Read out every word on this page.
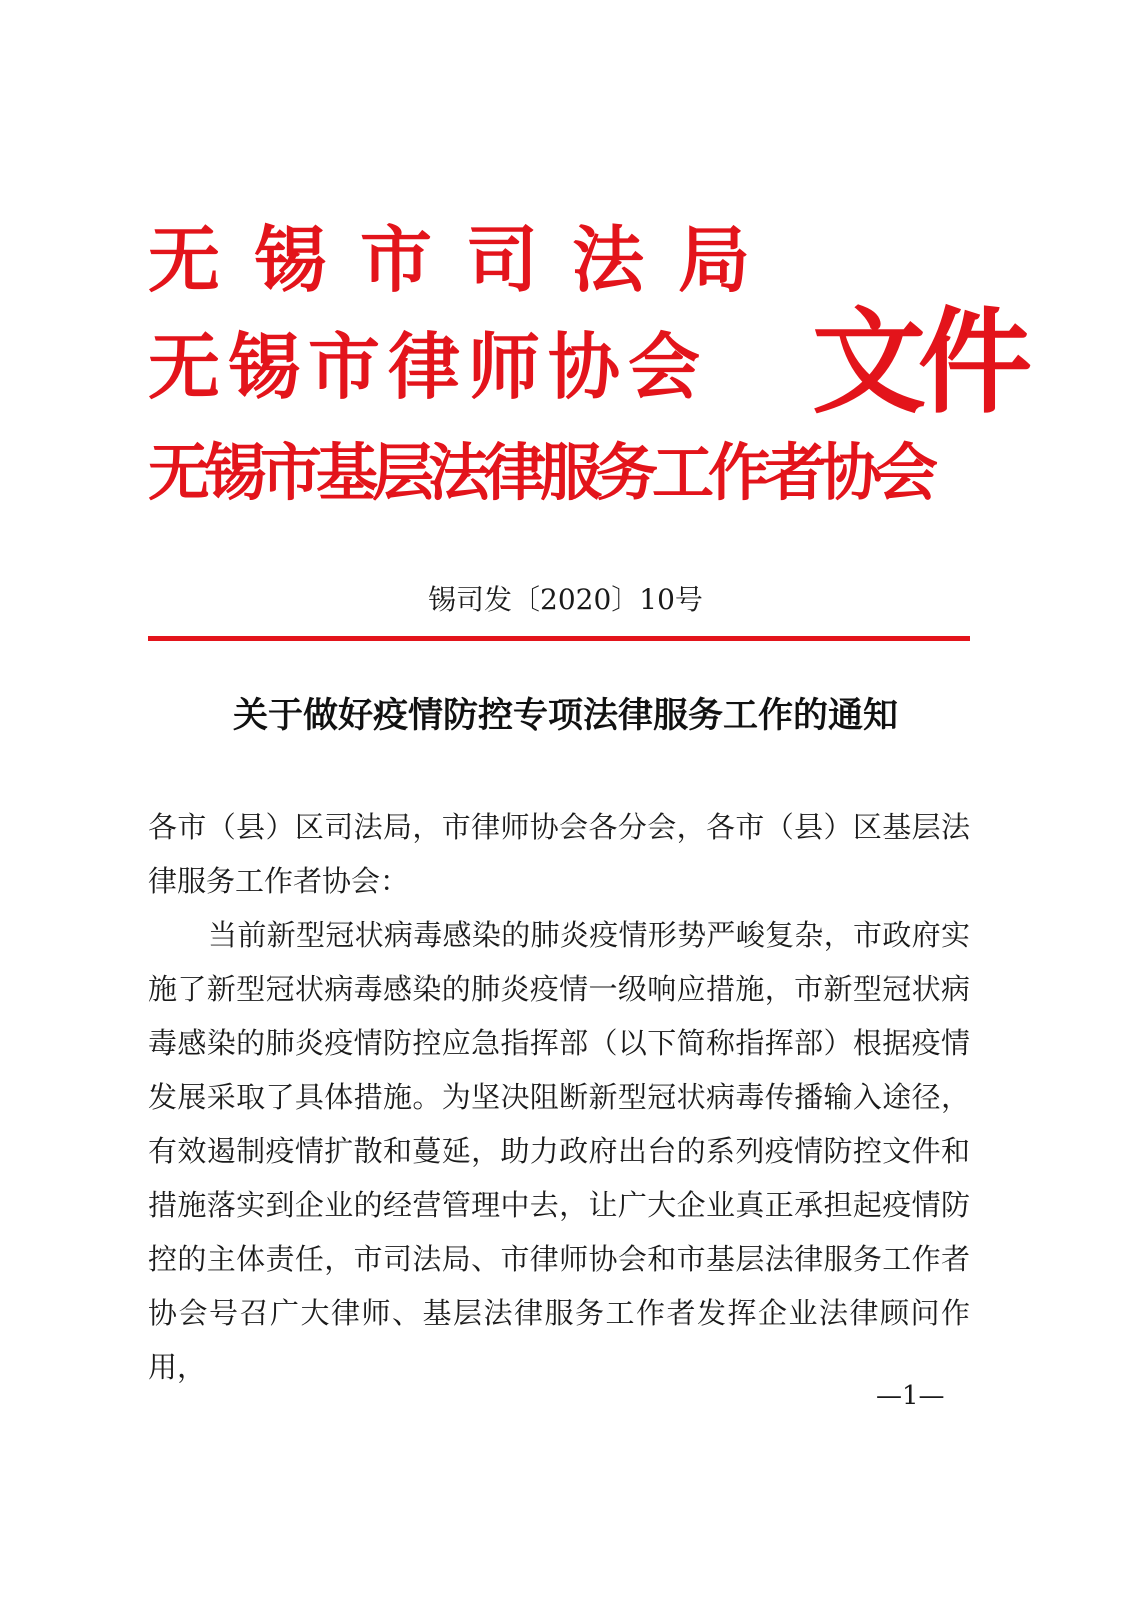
无锡市司法局
无锡市律师协会
无锡市基层法律服务工作者协会
文件
锡司发〔2020〕10号
关于做好疫情防控专项法律服务工作的通知
各市（县）区司法局，市律师协会各分会，各市（县）区基层法律服务工作者协会：
当前新型冠状病毒感染的肺炎疫情形势严峻复杂，市政府实施了新型冠状病毒感染的肺炎疫情一级响应措施，市新型冠状病毒感染的肺炎疫情防控应急指挥部（以下简称指挥部）根据疫情发展采取了具体措施。为坚决阻断新型冠状病毒传播输入途径，有效遏制疫情扩散和蔓延，助力政府出台的系列疫情防控文件和措施落实到企业的经营管理中去，让广大企业真正承担起疫情防控的主体责任，市司法局、市律师协会和市基层法律服务工作者协会号召广大律师、基层法律服务工作者发挥企业法律顾问作用，
—1—
